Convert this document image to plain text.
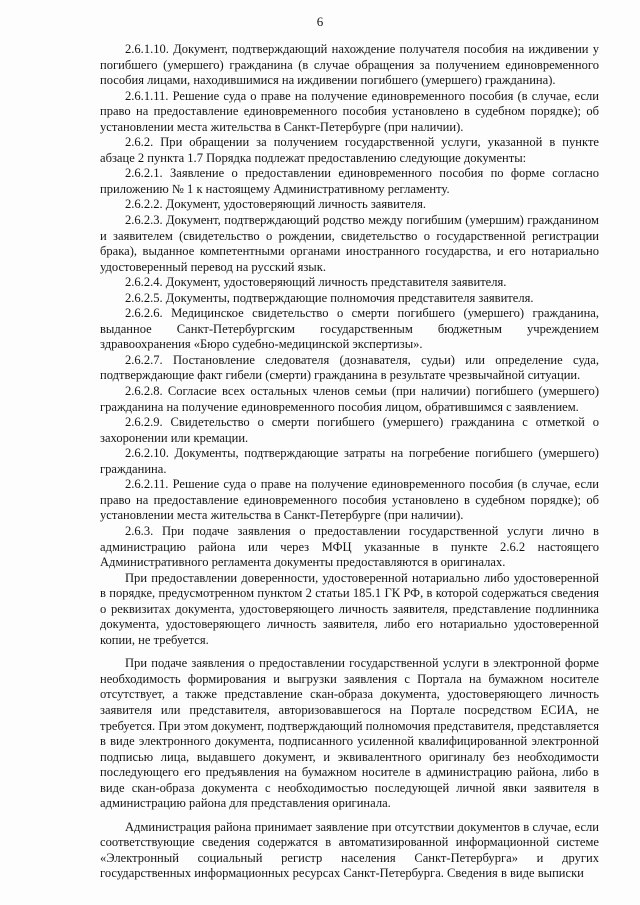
6

2.6.1.10. Документ, подтверждающий нахождение получателя пособия на иждивении у погибшего (умершего) гражданина (в случае обращения за получением единовременного пособия лицами, находившимися на иждивении погибшего (умершего) гражданина).

2.6.1.11. Решение суда о праве на получение единовременного пособия (в случае, если право на предоставление единовременного пособия установлено в судебном порядке); об установлении места жительства в Санкт-Петербурге (при наличии).

2.6.2. При обращении за получением государственной услуги, указанной в пункте абзаце 2 пункта 1.7 Порядка подлежат предоставлению следующие документы:

2.6.2.1. Заявление о предоставлении единовременного пособия по форме согласно приложению № 1 к настоящему Административному регламенту.

2.6.2.2. Документ, удостоверяющий личность заявителя.

2.6.2.3. Документ, подтверждающий родство между погибшим (умершим) гражданином и заявителем (свидетельство о рождении, свидетельство о государственной регистрации брака), выданное компетентными органами иностранного государства, и его нотариально удостоверенный перевод на русский язык.

2.6.2.4. Документ, удостоверяющий личность представителя заявителя.

2.6.2.5. Документы, подтверждающие полномочия представителя заявителя.

2.6.2.6. Медицинское свидетельство о смерти погибшего (умершего) гражданина, выданное Санкт-Петербургским государственным бюджетным учреждением здравоохранения «Бюро судебно-медицинской экспертизы».

2.6.2.7. Постановление следователя (дознавателя, судьи) или определение суда, подтверждающие факт гибели (смерти) гражданина в результате чрезвычайной ситуации.

2.6.2.8. Согласие всех остальных членов семьи (при наличии) погибшего (умершего) гражданина на получение единовременного пособия лицом, обратившимся с заявлением.

2.6.2.9. Свидетельство о смерти погибшего (умершего) гражданина с отметкой о захоронении или кремации.

2.6.2.10. Документы, подтверждающие затраты на погребение погибшего (умершего) гражданина.

2.6.2.11. Решение суда о праве на получение единовременного пособия (в случае, если право на предоставление единовременного пособия установлено в судебном порядке); об установлении места жительства в Санкт-Петербурге (при наличии).

2.6.3. При подаче заявления о предоставлении государственной услуги лично в администрацию района или через МФЦ указанные в пункте 2.6.2 настоящего Административного регламента документы предоставляются в оригиналах.

При предоставлении доверенности, удостоверенной нотариально либо удостоверенной в порядке, предусмотренном пунктом 2 статьи 185.1 ГК РФ, в которой содержаться сведения о реквизитах документа, удостоверяющего личность заявителя, представление подлинника документа, удостоверяющего личность заявителя, либо его нотариально удостоверенной копии, не требуется.

При подаче заявления о предоставлении государственной услуги в электронной форме необходимость формирования и выгрузки заявления с Портала на бумажном носителе отсутствует, а также представление скан-образа документа, удостоверяющего личность заявителя или представителя, авторизовавшегося на Портале посредством ЕСИА, не требуется. При этом документ, подтверждающий полномочия представителя, представляется в виде электронного документа, подписанного усиленной квалифицированной электронной подписью лица, выдавшего документ, и эквивалентного оригиналу без необходимости последующего его предъявления на бумажном носителе в администрацию района, либо в виде скан-образа документа с необходимостью последующей личной явки заявителя в администрацию района для представления оригинала.

Администрация района принимает заявление при отсутствии документов в случае, если соответствующие сведения содержатся в автоматизированной информационной системе «Электронный социальный регистр населения Санкт-Петербурга» и других государственных информационных ресурсах Санкт-Петербурга. Сведения в виде выписки
